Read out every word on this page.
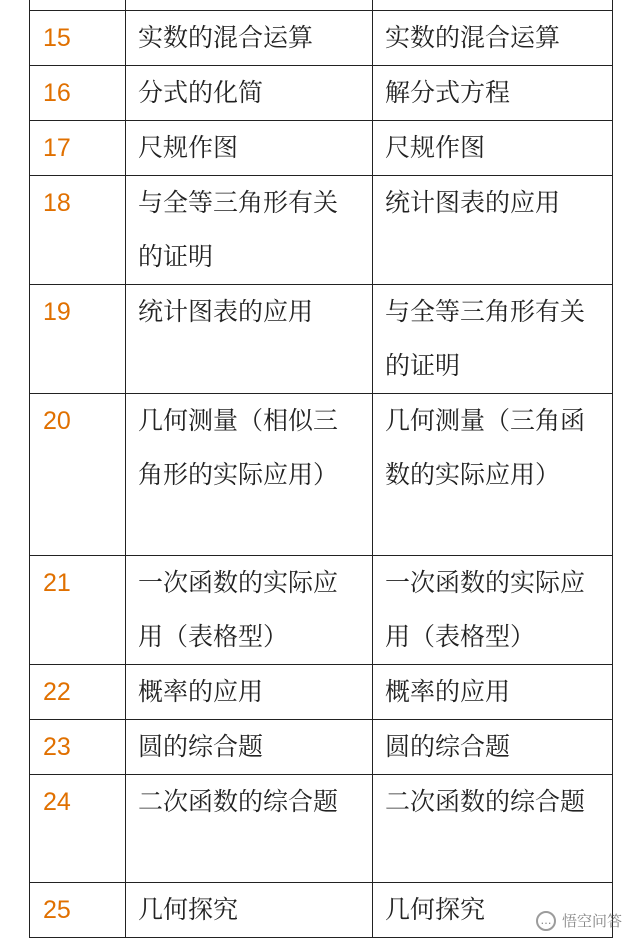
15	实数的混合运算	实数的混合运算

16	分式的化简	解分式方程

17	尺规作图	尺规作图

18	与全等三角形有关的证明	统计图表的应用

19	统计图表的应用	与全等三角形有关的证明

20	几何测量（相似三角形的实际应用）	几何测量（三角函数的实际应用）

21	一次函数的实际应用（表格型）	一次函数的实际应用（表格型）

22	概率的应用	概率的应用

23	圆的综合题	圆的综合题

24	二次函数的综合题	二次函数的综合题

25	几何探究	几何探究	… 悟空问答
